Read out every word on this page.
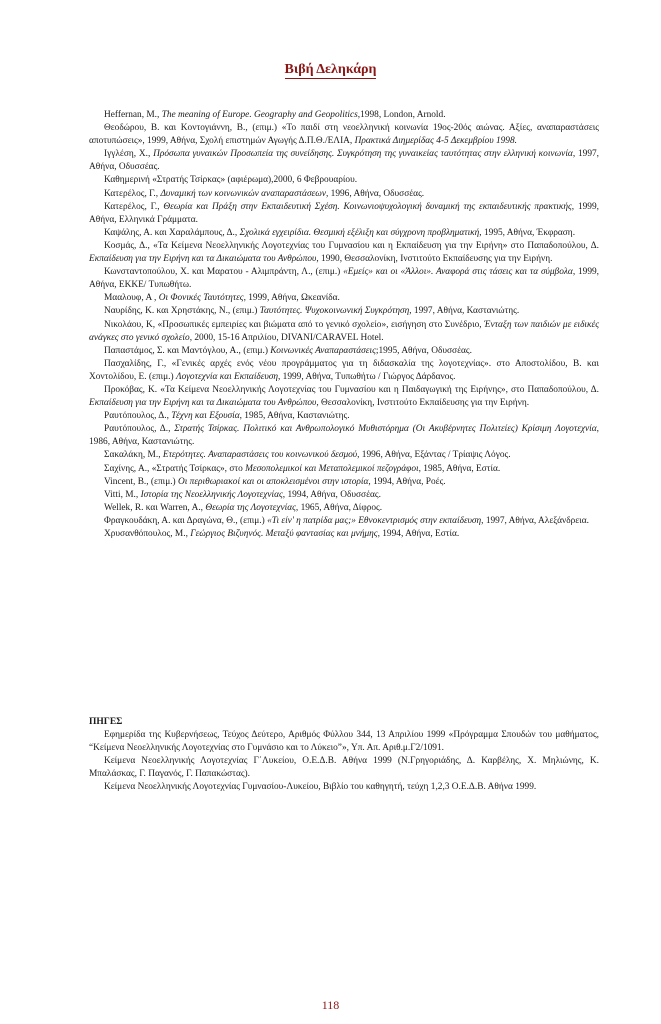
Βιβή Δεληκάρη

Heffernan, M., The meaning of Europe. Geography and Geopolitics,1998, London, Arnold.

Θεοδώρου, Β. και Κοντογιάννη, Β., (επιμ.) «Το παιδί στη νεοελληνική κοινωνία 19ος-20ός αιώνας. Αξίες, αναπαραστάσεις αποτυπώσεις», 1999, Αθήνα, Σχολή επιστημών Αγωγής Δ.Π.Θ./ΕΛΙΑ, Πρακτικά Διημερίδας 4-5 Δεκεμβρίου 1998.

Ιγγλέση, Χ., Πρόσωπα γυναικών Προσωπεία της συνείδησης. Συγκρότηση της γυναικείας ταυτότητας στην ελληνική κοινωνία, 1997, Αθήνα, Οδυσσέας.

Καθημερινή «Στρατής Τσίρκας» (αφιέρωμα),2000, 6 Φεβρουαρίου.

Κατερέλος, Γ., Δυναμική των κοινωνικών αναπαραστάσεων, 1996, Αθήνα, Οδυσσέας.

Κατερέλος, Γ., Θεωρία και Πράξη στην Εκπαιδευτική Σχέση. Κοινωνιοψυχολογική δυναμική της εκπαιδευτικής πρακτικής, 1999, Αθήνα, Ελληνικά Γράμματα.

Καψάλης, Α. και Χαραλάμπους, Δ., Σχολικά εγχειρίδια. Θεσμική εξέλιξη και σύγχρονη προβληματική, 1995, Αθήνα, Έκφραση.

Κοσμάς, Δ., «Τα Κείμενα Νεοελληνικής Λογοτεχνίας του Γυμνασίου και η Εκπαίδευση για την Ειρήνη» στο Παπαδοπούλου, Δ. Εκπαίδευση για την Ειρήνη και τα Δικαιώματα του Ανθρώπου, 1990, Θεσσαλονίκη, Ινστιτούτο Εκπαίδευσης για την Ειρήνη.

Κωνσταντοπούλου, Χ. και Μαρατου - Αλιμπράντη, Λ., (επιμ.) «Εμείς» και οι «Άλλοι». Αναφορά στις τάσεις και τα σύμβολα, 1999, Αθήνα, ΕΚΚΕ/ Τυπωθήτω.

Μααλουφ, Α , Οι Φονικές Ταυτότητες, 1999, Αθήνα, Ωκεανίδα.

Ναυρίδης, Κ. και Χρηστάκης, Ν., (επιμ.) Ταυτότητες. Ψυχοκοινωνική Συγκρότηση, 1997, Αθήνα, Καστανιώτης.

Νικολάου, Κ, «Προσωπικές εμπειρίες και βιώματα από το γενικό σχολείο», εισήγηση στο Συνέδριο, Ένταξη των παιδιών με ειδικές ανάγκες στο γενικό σχολείο, 2000, 15-16 Απριλίου, DIVANI/CARAVEL Hotel.

Παπαστάμος, Σ. και Μαντόγλου, Α., (επιμ.) Κοινωνικές Αναπαραστάσεις;1995, Αθήνα, Οδυσσέας.

Πασχαλίδης, Γ., «Γενικές αρχές ενός νέου προγράμματος για τη διδασκαλία της λογοτεχνίας». στο Αποστολίδου, Β. και Χοντολίδου, Ε. (επιμ.) Λογοτεχνία και Εκπαίδευση, 1999, Αθήνα, Τυπωθήτω / Γιώργος Δάρδανος.

Προκόβας, Κ. «Τα Κείμενα Νεοελληνικής Λογοτεχνίας του Γυμνασίου και η Παιδαγωγική της Ειρήνης», στο Παπαδοπούλου, Δ. Εκπαίδευση για την Ειρήνη και τα Δικαιώματα του Ανθρώπου, Θεσσαλονίκη, Ινστιτούτο Εκπαίδευσης για την Ειρήνη.

Ραυτόπουλος, Δ., Τέχνη και Εξουσία, 1985, Αθήνα, Καστανιώτης.

Ραυτόπουλος, Δ., Στρατής Τσίρκας. Πολιτικό και Ανθρωπολογικό Μυθιστόρημα (Οι Ακυβέρνητες Πολιτείες) Κρίσιμη Λογοτεχνία, 1986, Αθήνα, Καστανιώτης.

Σακαλάκη, Μ., Ετερότητες. Αναπαραστάσεις του κοινωνικού δεσμού, 1996, Αθήνα, Εξάντας / Τρίαψις Λόγος.

Σαχίνης, Α., «Στρατής Τσίρκας», στο Μεσοπολεμικοί και Μεταπολεμικοί πεζογράφοι, 1985, Αθήνα, Εστία.

Vincent, Β., (επιμ.) Οι περιθωριακοί και οι αποκλεισμένοι στην ιστορία, 1994, Αθήνα, Ροές.

Vitti, Μ., Ιστορία της Νεοελληνικής Λογοτεχνίας, 1994, Αθήνα, Οδυσσέας.

Wellek, R. και Warren, A., Θεωρία της Λογοτεχνίας, 1965, Αθήνα, Δίφρος.

Φραγκουδάκη, Α. και Δραγώνα, Θ., (επιμ.) «Τι είν' η πατρίδα μας;» Εθνοκεντρισμός στην εκπαίδευση, 1997, Αθήνα, Αλεξάνδρεια.

Χρυσανθόπουλος, Μ., Γεώργιος Βιζυηνός. Μεταξύ φαντασίας και μνήμης, 1994, Αθήνα, Εστία.

ΠΗΓΕΣ

Εφημερίδα της Κυβερνήσεως, Τεύχος Δεύτερο, Αριθμός Φύλλου 344, 13 Απριλίου 1999 «Πρόγραμμα Σπουδών του μαθήματος, “Κείμενα Νεοελληνικής Λογοτεχνίας στο Γυμνάσιο και το Λύκειο”», Υπ. Απ. Αριθ.μ.Γ2/1091.

Κείμενα Νεοελληνικής Λογοτεχνίας Γ΄Λυκείου, Ο.Ε.Δ.Β. Αθήνα 1999 (Ν.Γρηγοριάδης, Δ. Καρβέλης, Χ. Μηλιώνης, Κ. Μπαλάσκας, Γ. Παγανός, Γ. Παπακώστας).

Κείμενα Νεοελληνικής Λογοτεχνίας Γυμνασίου-Λυκείου, Βιβλίο του καθηγητή, τεύχη 1,2,3 Ο.Ε.Δ.Β. Αθήνα 1999.

118
